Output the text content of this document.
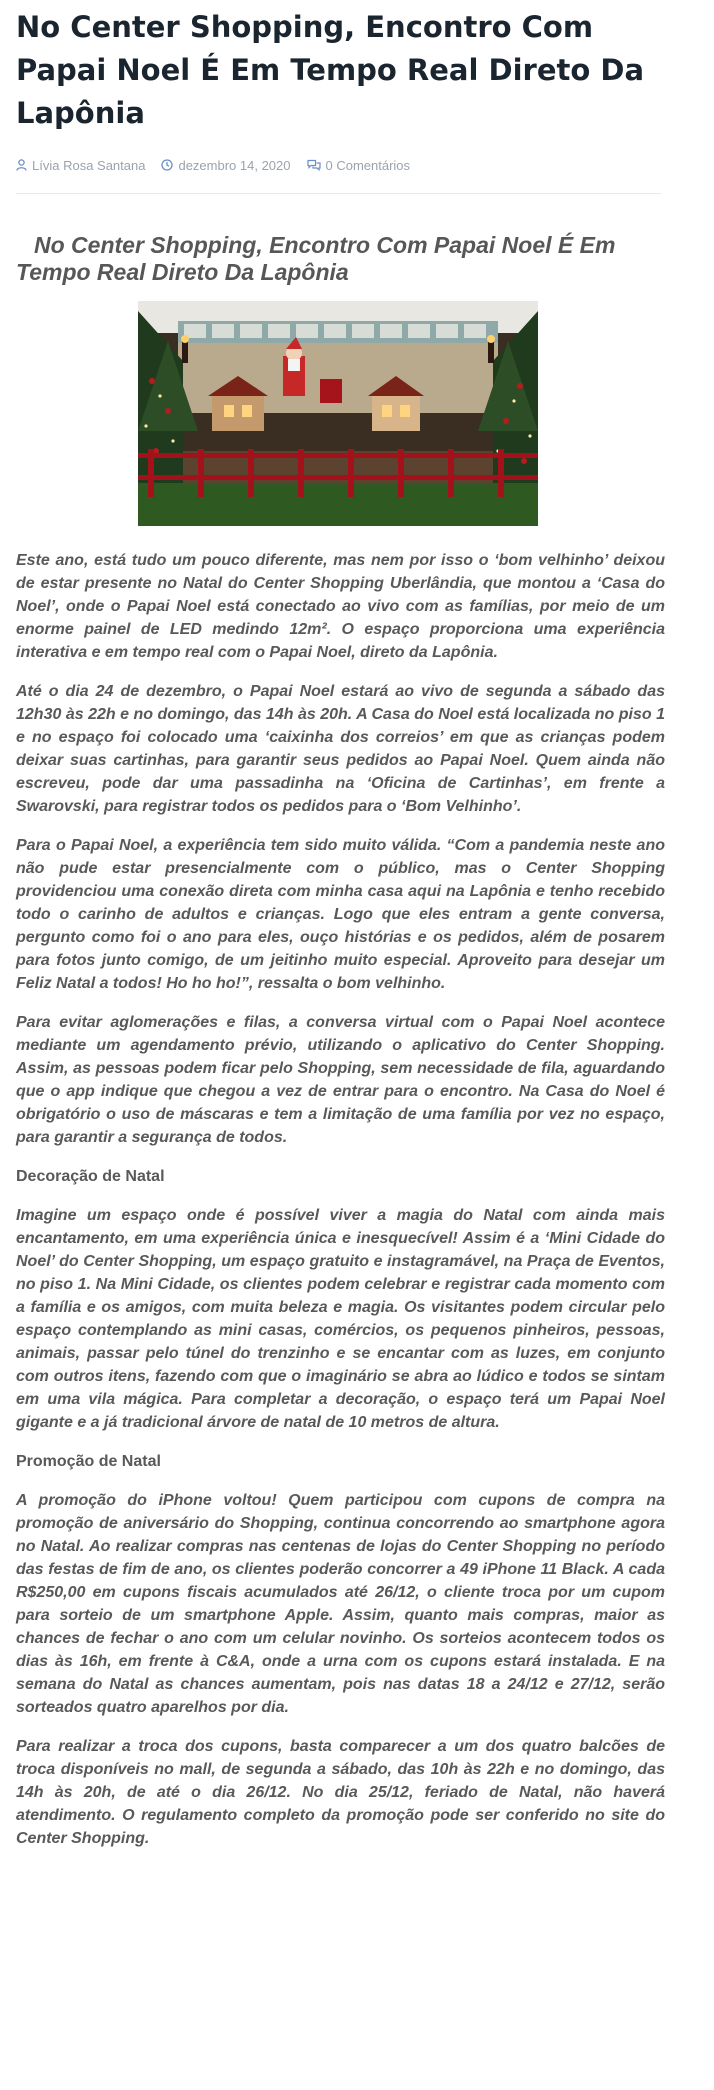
No Center Shopping, Encontro Com Papai Noel É Em Tempo Real Direto Da Lapônia
Lívia Rosa Santana	dezembro 14, 2020	0 Comentários
No Center Shopping, Encontro Com Papai Noel É Em Tempo Real Direto Da Lapônia

Este ano, está tudo um pouco diferente, mas nem por isso o ‘bom velhinho’ deixou de estar presente no Natal do Center Shopping Uberlândia, que montou a ‘Casa do Noel’, onde o Papai Noel está conectado ao vivo com as famílias, por meio de um enorme painel de LED medindo 12m². O espaço proporciona uma experiência interativa e em tempo real com o Papai Noel, direto da Lapônia.

Até o dia 24 de dezembro, o Papai Noel estará ao vivo de segunda a sábado das 12h30 às 22h e no domingo, das 14h às 20h. A Casa do Noel está localizada no piso 1 e no espaço foi colocado uma ‘caixinha dos correios’ em que as crianças podem deixar suas cartinhas, para garantir seus pedidos ao Papai Noel. Quem ainda não escreveu, pode dar uma passadinha na ‘Oficina de Cartinhas’, em frente a Swarovski, para registrar todos os pedidos para o ‘Bom Velhinho’.

Para o Papai Noel, a experiência tem sido muito válida. “Com a pandemia neste ano não pude estar presencialmente com o público, mas o Center Shopping providenciou uma conexão direta com minha casa aqui na Lapônia e tenho recebido todo o carinho de adultos e crianças. Logo que eles entram a gente conversa, pergunto como foi o ano para eles, ouço histórias e os pedidos, além de posarem para fotos junto comigo, de um jeitinho muito especial. Aproveito para desejar um Feliz Natal a todos! Ho ho ho!”, ressalta o bom velhinho.

Para evitar aglomerações e filas, a conversa virtual com o Papai Noel acontece mediante um agendamento prévio, utilizando o aplicativo do Center Shopping. Assim, as pessoas podem ficar pelo Shopping, sem necessidade de fila, aguardando que o app indique que chegou a vez de entrar para o encontro. Na Casa do Noel é obrigatório o uso de máscaras e tem a limitação de uma família por vez no espaço, para garantir a segurança de todos.

Decoração de Natal

Imagine um espaço onde é possível viver a magia do Natal com ainda mais encantamento, em uma experiência única e inesquecível! Assim é a ‘Mini Cidade do Noel’ do Center Shopping, um espaço gratuito e instagramável, na Praça de Eventos, no piso 1. Na Mini Cidade, os clientes podem celebrar e registrar cada momento com a família e os amigos, com muita beleza e magia. Os visitantes podem circular pelo espaço contemplando as mini casas, comércios, os pequenos pinheiros, pessoas, animais, passar pelo túnel do trenzinho e se encantar com as luzes, em conjunto com outros itens, fazendo com que o imaginário se abra ao lúdico e todos se sintam em uma vila mágica. Para completar a decoração, o espaço terá um Papai Noel gigante e a já tradicional árvore de natal de 10 metros de altura.

Promoção de Natal

A promoção do iPhone voltou! Quem participou com cupons de compra na promoção de aniversário do Shopping, continua concorrendo ao smartphone agora no Natal. Ao realizar compras nas centenas de lojas do Center Shopping no período das festas de fim de ano, os clientes poderão concorrer a 49 iPhone 11 Black. A cada R$250,00 em cupons fiscais acumulados até 26/12, o cliente troca por um cupom para sorteio de um smartphone Apple. Assim, quanto mais compras, maior as chances de fechar o ano com um celular novinho. Os sorteios acontecem todos os dias às 16h, em frente à C&A, onde a urna com os cupons estará instalada. E na semana do Natal as chances aumentam, pois nas datas 18 a 24/12 e 27/12, serão sorteados quatro aparelhos por dia.

Para realizar a troca dos cupons, basta comparecer a um dos quatro balcões de troca disponíveis no mall, de segunda a sábado, das 10h às 22h e no domingo, das 14h às 20h, de até o dia 26/12. No dia 25/12, feriado de Natal, não haverá atendimento. O regulamento completo da promoção pode ser conferido no site do Center Shopping.
